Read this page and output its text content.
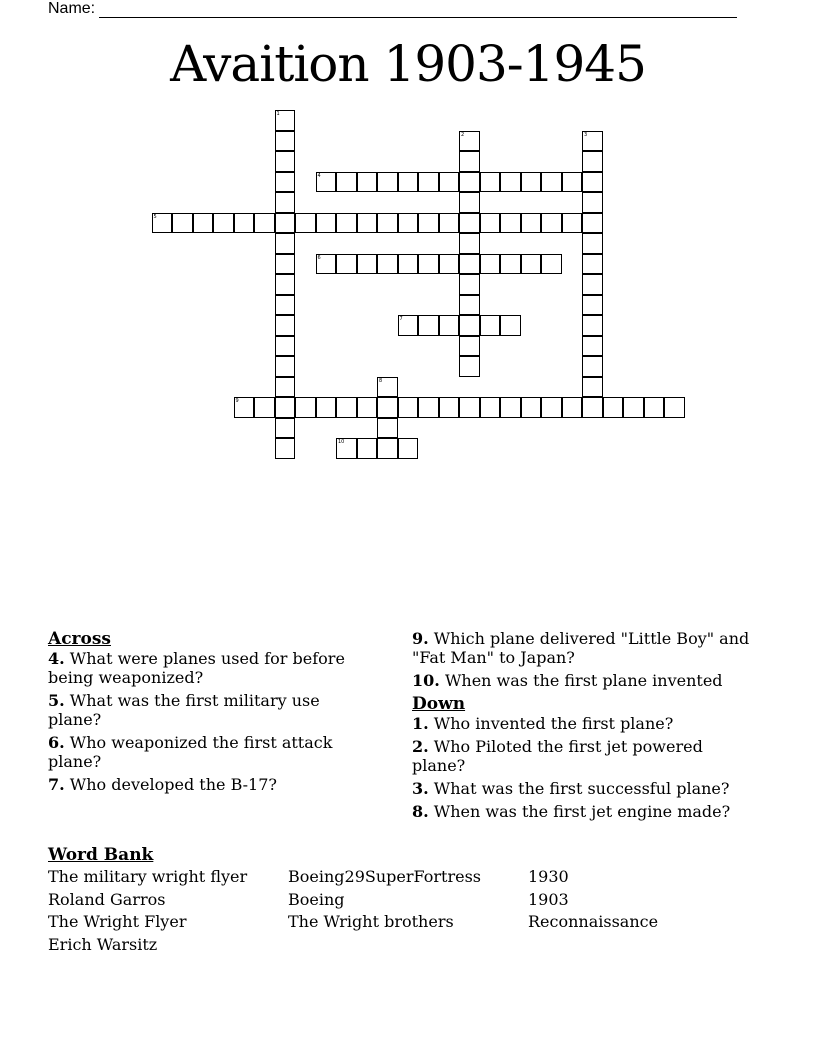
Name:
Avaition 1903-1945
1
2	3
8
4
5
6
7
9
10
Across
4. What were planes used for before being weaponized?
5. What was the first military use plane?
6. Who weaponized the first attack plane?
7. Who developed the B-17?
9. Which plane delivered "Little Boy" and "Fat Man" to Japan?
10. When was the first plane invented
Down
1. Who invented the first plane?
2. Who Piloted the first jet powered plane?
3. What was the first successful plane?
8. When was the first jet engine made?
Word Bank
The military wright flyer	Boeing29SuperFortress	1930
Roland Garros	Boeing	1903
The Wright Flyer	The Wright brothers	Reconnaissance
Erich Warsitz
